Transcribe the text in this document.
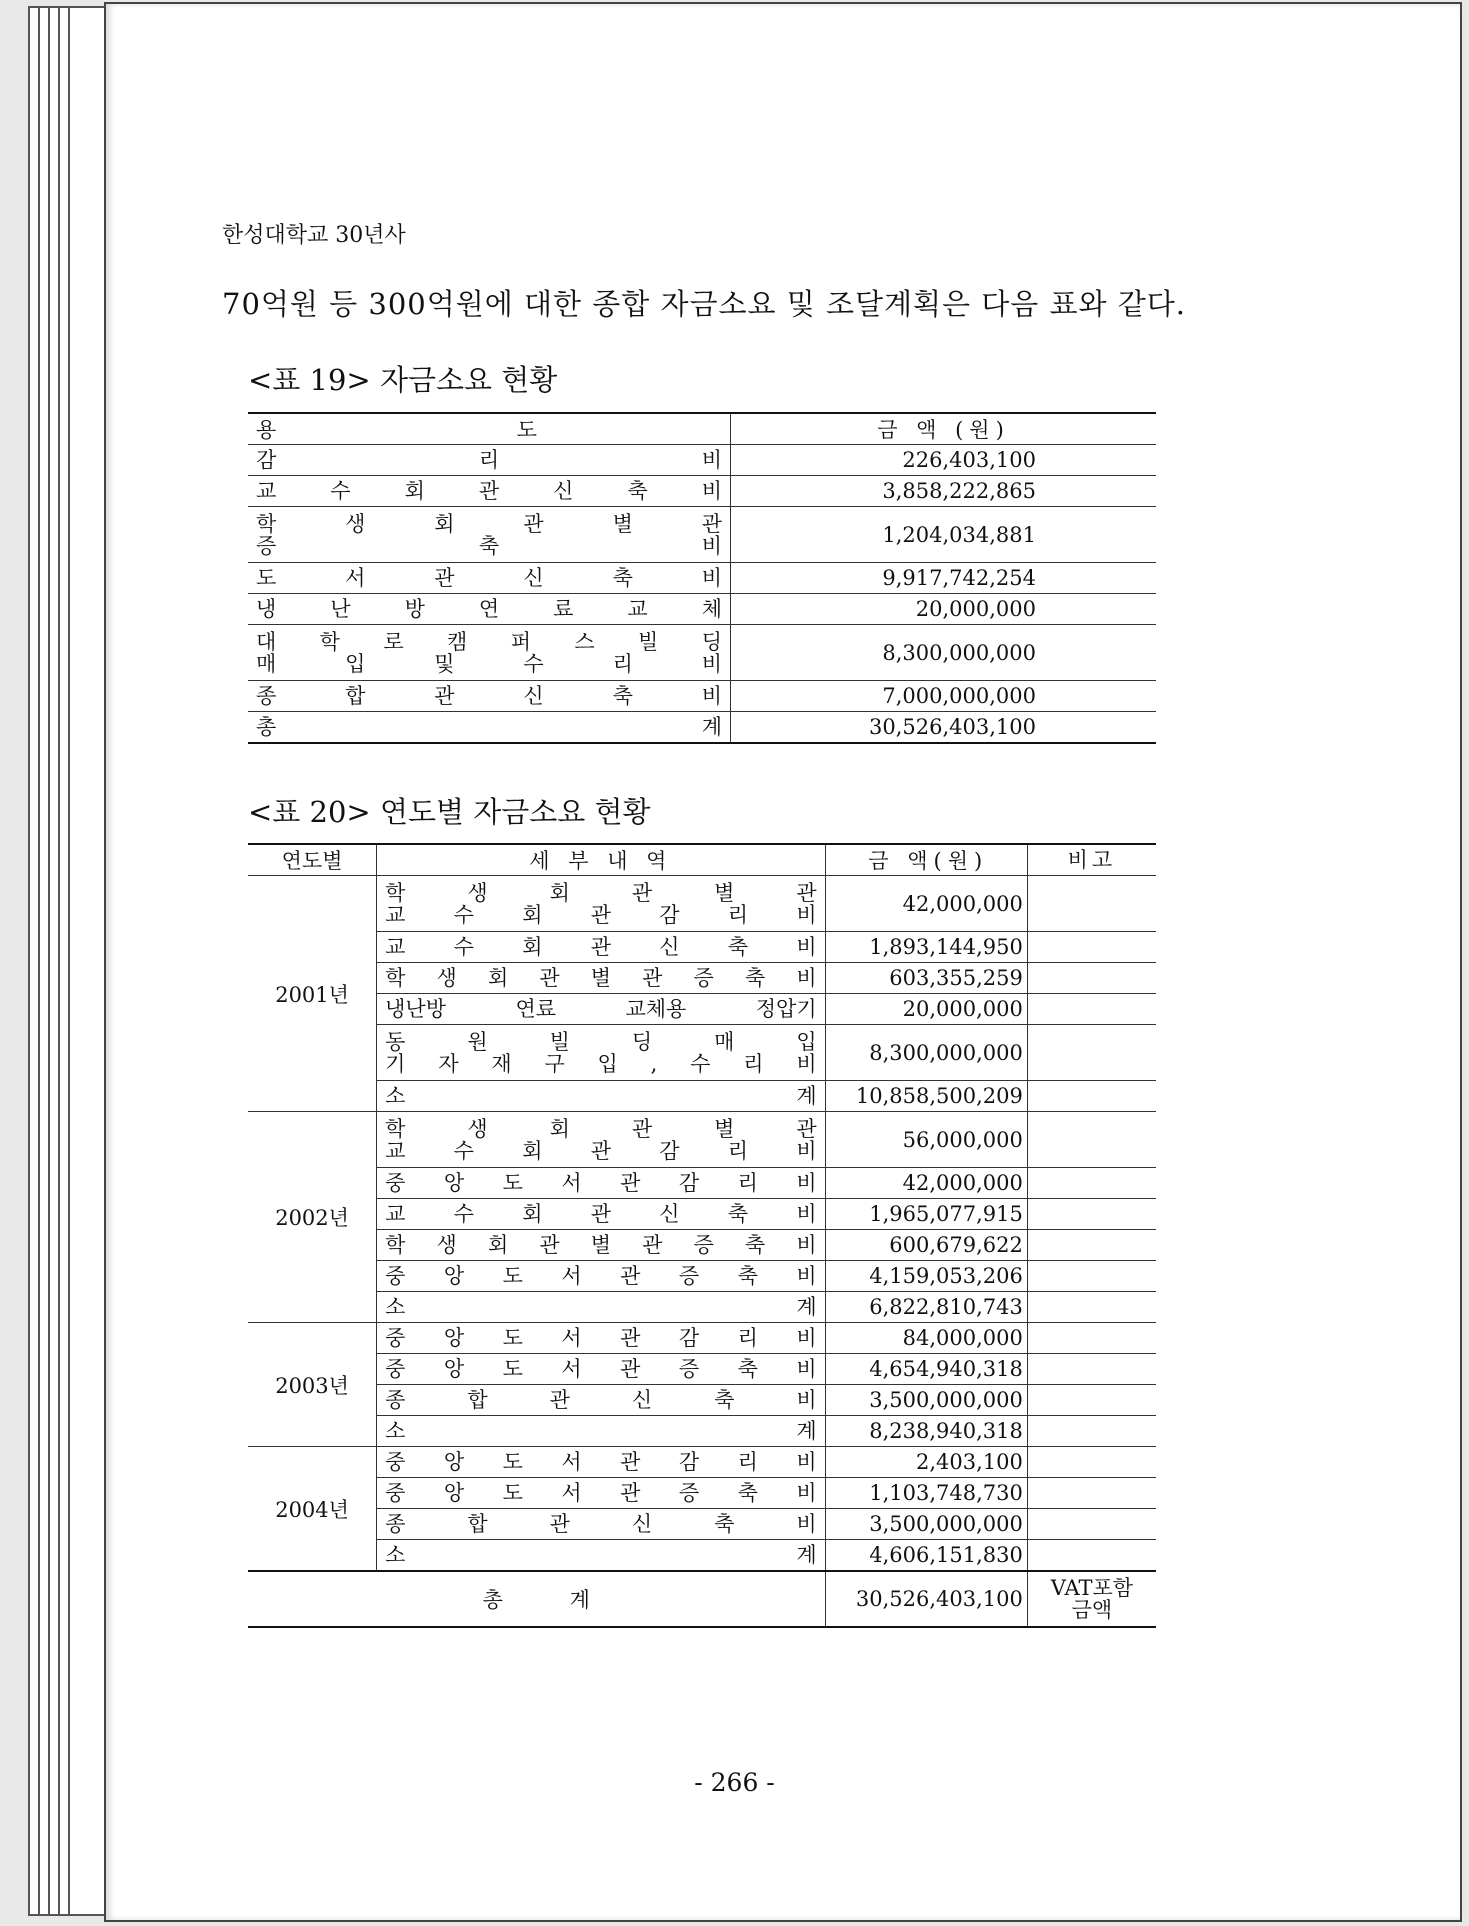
한성대학교 30년사
70억원 등 300억원에 대한 종합 자금소요 및 조달계획은 다음 표와 같다.
<표 19> 자금소요 현황
용                                    도	금 액 (원)

감 리 비	226,403,100

교 수 회 관 신 축 비	3,858,222,865

학 생 회 관 별 관
증 축 비	1,204,034,881

도 서 관 신 축 비	9,917,742,254

냉 난 방 연 료 교 체	20,000,000

대 학 로 캠 퍼 스 빌 딩
매 입 및 수 리 비	8,300,000,000

종 합 관 신 축 비	7,000,000,000

총 계	30,526,403,100
<표 20> 연도별 자금소요 현황
연도별	세 부 내 역	금 액(원)	비고
2001년	학 생 회 관 별 관
교 수 회 관 감 리 비	42,000,000	

	교 수 회 관 신 축 비	1,893,144,950	

	학 생 회 관 별 관 증 축 비	603,355,259	

	냉난방 연료 교체용 정압기	20,000,000	

	동 원 빌 딩 매 입
기 자 재 구 입 , 수 리 비	8,300,000,000	

	소 계	10,858,500,209	
2002년	학 생 회 관 별 관
교 수 회 관 감 리 비	56,000,000	

	중 앙 도 서 관 감 리 비	42,000,000	

	교 수 회 관 신 축 비	1,965,077,915	

	학 생 회 관 별 관 증 축 비	600,679,622	

	중 앙 도 서 관 증 축 비	4,159,053,206	

	소 계	6,822,810,743	
2003년	중 앙 도 서 관 감 리 비	84,000,000	

	중 앙 도 서 관 증 축 비	4,654,940,318	

	종 합 관 신 축 비	3,500,000,000	

	소 계	8,238,940,318	
2004년	중 앙 도 서 관 감 리 비	2,403,100	

	중 앙 도 서 관 증 축 비	1,103,748,730	

	종 합 관 신 축 비	3,500,000,000	

	소 계	4,606,151,830	
총          계		30,526,403,100	VAT포함
금액
- 266 -
